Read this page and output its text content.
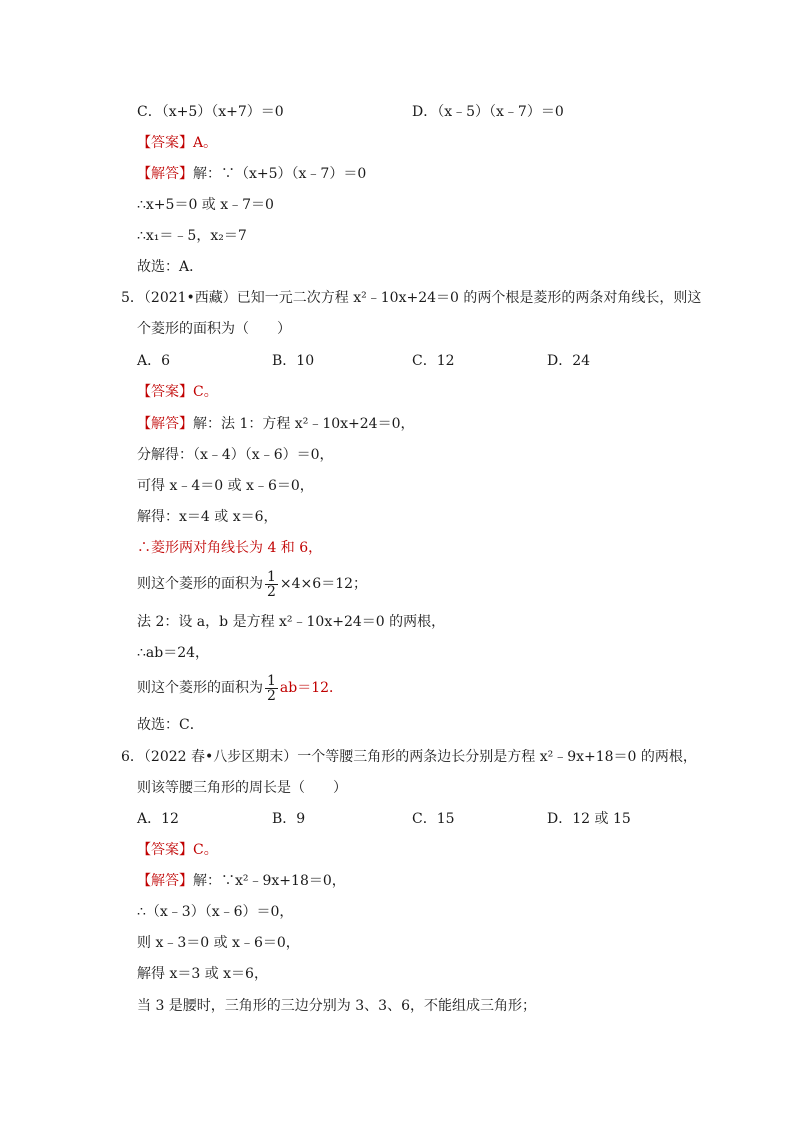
C．（x+5）（x+7）＝0	D．（x﹣5）（x﹣7）＝0
【答案】A。
【解答】解：∵（x+5）（x﹣7）＝0
∴x+5＝0 或 x﹣7＝0
∴x₁＝﹣5，x₂＝7
故选：A．
5．（2021•西藏）已知一元二次方程 x²﹣10x+24＝0 的两个根是菱形的两条对角线长，则这
个菱形的面积为（　　）
A．6	B．10	C．12	D．24
【答案】C。
【解答】解：法 1：方程 x²﹣10x+24＝0，
分解得：（x﹣4）（x﹣6）＝0，
可得 x﹣4＝0 或 x﹣6＝0，
解得：x＝4 或 x＝6，
∴菱形两对角线长为 4 和 6，
则这个菱形的面积为 $\frac{1}{2} \times 4\times 6=12$；
法 2：设 a，b 是方程 x²﹣10x+24＝0 的两根，
∴ab＝24，
则这个菱形的面积为 $\frac{1}{2} ab=12$．
故选：C．
6．（2022 春•八步区期末）一个等腰三角形的两条边长分别是方程 x²﹣9x+18＝0 的两根，
则该等腰三角形的周长是（　　）
A．12	B．9	C．15	D．12 或 15
【答案】C。
【解答】解：∵x²﹣9x+18＝0，
∴（x﹣3）（x﹣6）＝0，
则 x﹣3＝0 或 x﹣6＝0，
解得 x＝3 或 x＝6，
当 3 是腰时，三角形的三边分别为 3、3、6，不能组成三角形；
